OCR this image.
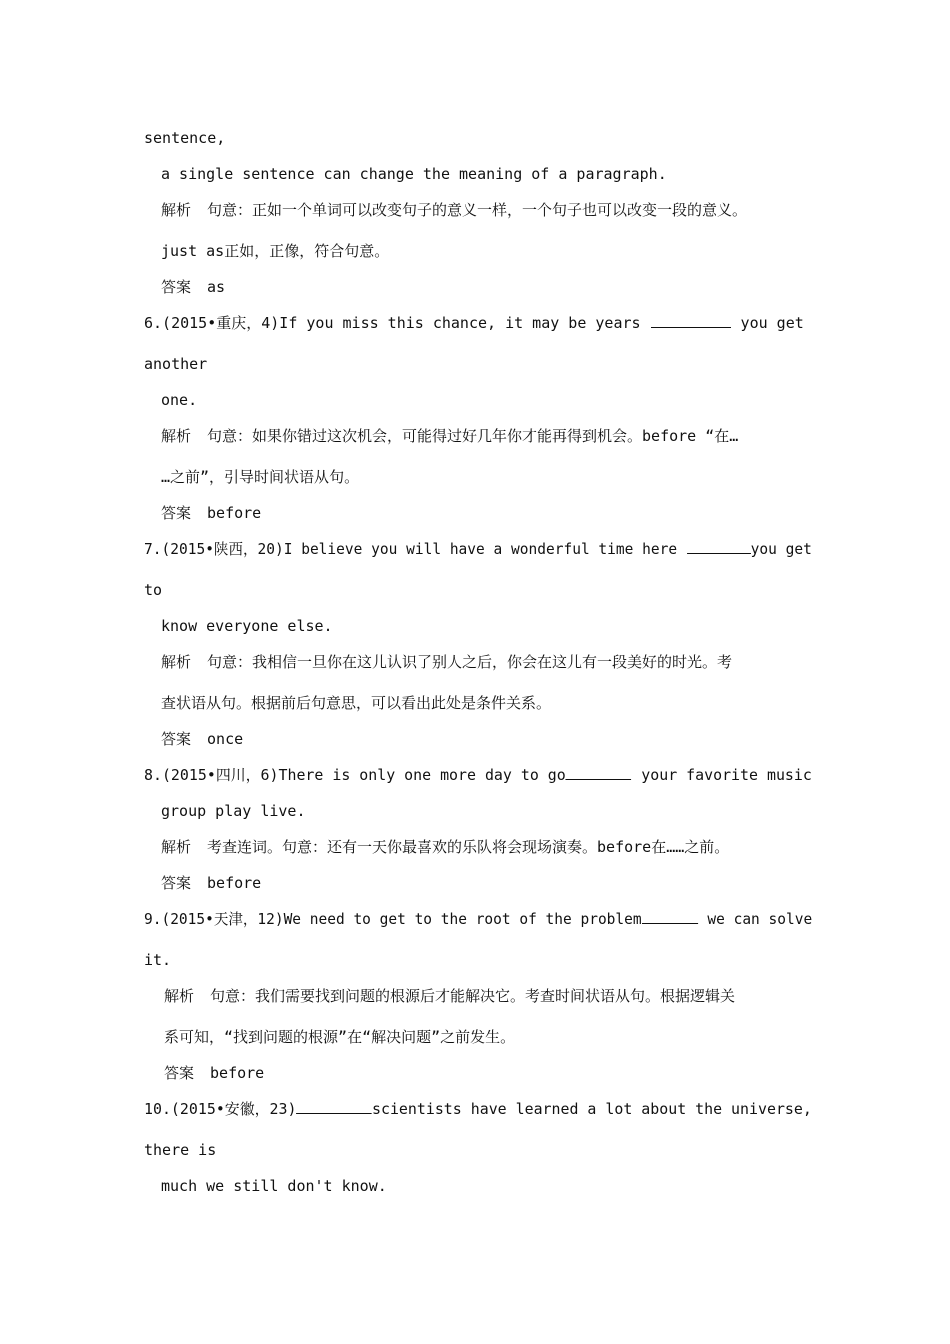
sentence,
a single sentence can change the meaning of a paragraph.
解析 句意：正如一个单词可以改变句子的意义一样，一个句子也可以改变一段的意义。
just as正如，正像，符合句意。
答案 as
6.(2015•重庆，4)If you miss this chance, it may be years	you get
another
one.
解析 句意：如果你错过这次机会，可能得过好几年你才能再得到机会。before “在…
…之前”，引导时间状语从句。
答案 before
7.(2015•陕西，20)I believe you will have a wonderful time here	you get
to
know everyone else.
解析 句意：我相信一旦你在这儿认识了别人之后，你会在这儿有一段美好的时光。考
查状语从句。根据前后句意思，可以看出此处是条件关系。
答案 once
8.(2015•四川，6)There is only one more day to go	your favorite music
group play live.
解析 考查连词。句意：还有一天你最喜欢的乐队将会现场演奏。before在……之前。
答案 before
9.(2015•天津，12)We need to get to the root of the problem	we can solve
it.
解析 句意：我们需要找到问题的根源后才能解决它。考查时间状语从句。根据逻辑关
系可知，“找到问题的根源”在“解决问题”之前发生。
答案 before
10.(2015•安徽，23)	scientists have learned a lot about the universe,
there is
much we still don't know.
